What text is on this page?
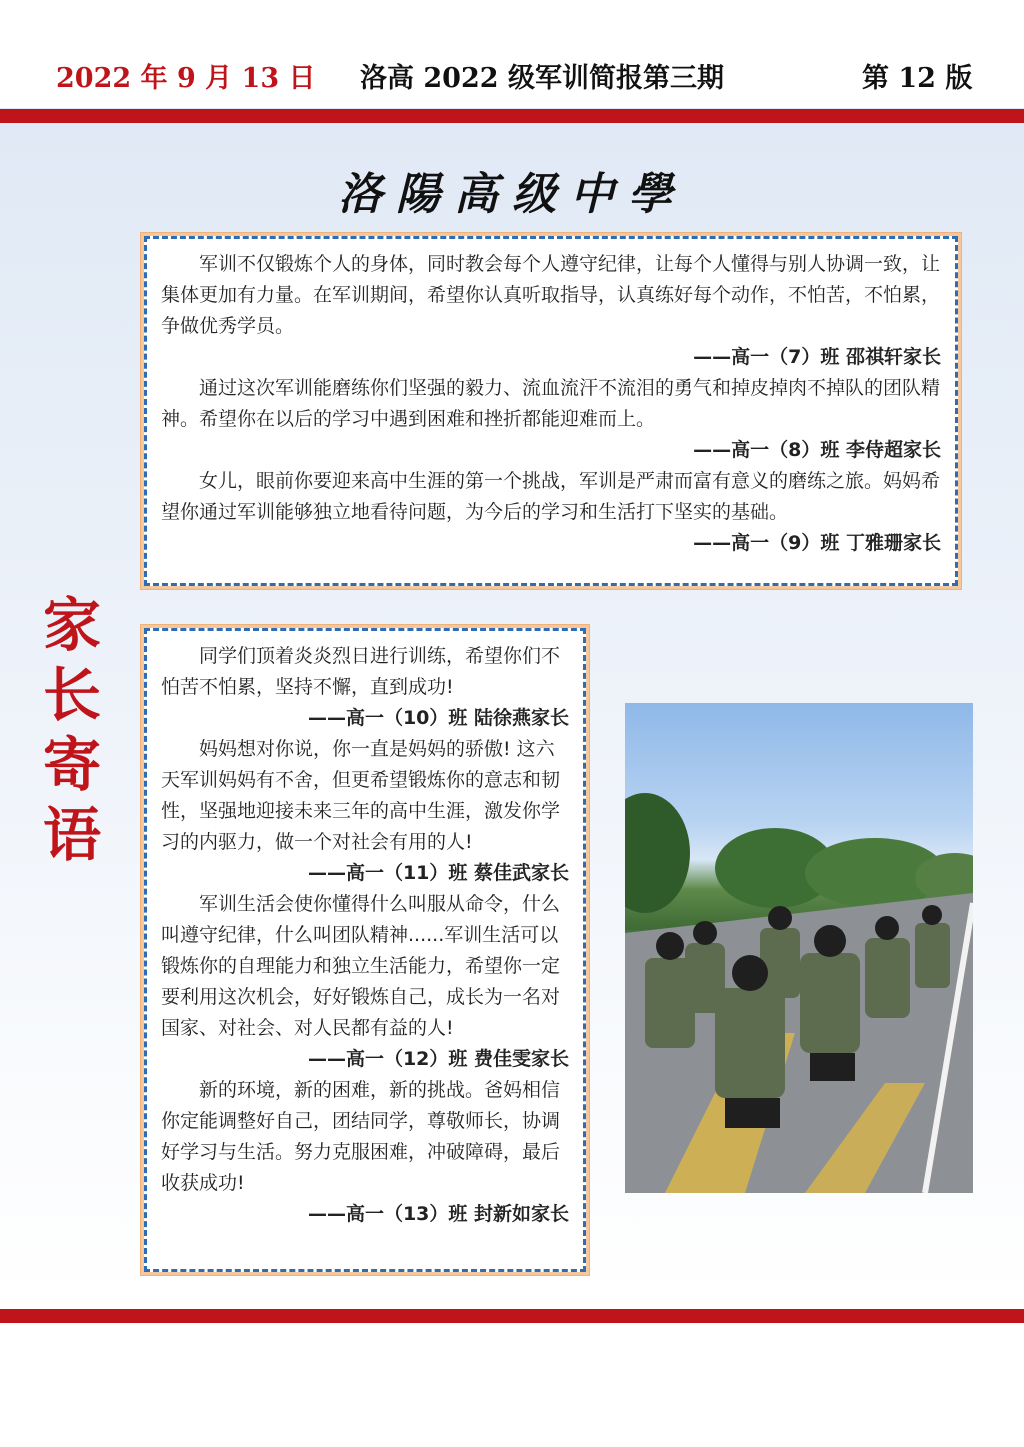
2022 年 9 月 13 日 洛高 2022 级军训简报第三期	第 12 版
洛陽高级中學
家
长
寄
语

军训不仅锻炼个人的身体，同时教会每个人遵守纪律，让每个人懂得与别人协调一致，让集体更加有力量。在军训期间，希望你认真听取指导，认真练好每个动作，不怕苦，不怕累，争做优秀学员。

——高一（7）班 邵祺轩家长

通过这次军训能磨练你们坚强的毅力、流血流汗不流泪的勇气和掉皮掉肉不掉队的团队精神。希望你在以后的学习中遇到困难和挫折都能迎难而上。

——高一（8）班 李侍超家长

女儿，眼前你要迎来高中生涯的第一个挑战，军训是严肃而富有意义的磨练之旅。妈妈希望你通过军训能够独立地看待问题，为今后的学习和生活打下坚实的基础。

——高一（9）班 丁雅珊家长

同学们顶着炎炎烈日进行训练，希望你们不怕苦不怕累，坚持不懈，直到成功!

——高一（10）班 陆徐燕家长

妈妈想对你说，你一直是妈妈的骄傲! 这六天军训妈妈有不舍，但更希望锻炼你的意志和韧性，坚强地迎接未来三年的高中生涯，激发你学习的内驱力，做一个对社会有用的人!

——高一（11）班 蔡佳武家长

军训生活会使你懂得什么叫服从命令，什么叫遵守纪律，什么叫团队精神......军训生活可以锻炼你的自理能力和独立生活能力，希望你一定要利用这次机会，好好锻炼自己，成长为一名对国家、对社会、对人民都有益的人!

——高一（12）班 费佳雯家长

新的环境，新的困难，新的挑战。爸妈相信你定能调整好自己，团结同学，尊敬师长，协调好学习与生活。努力克服困难，冲破障碍，最后收获成功!

——高一（13）班 封新如家长
